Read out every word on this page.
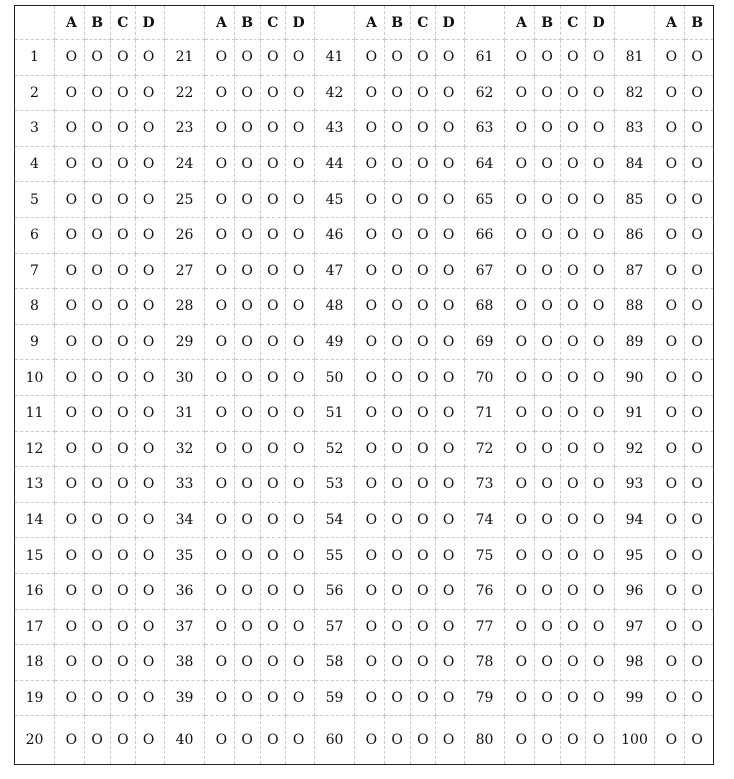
	A	B	C	D		A	B	C	D		A	B	C	D		A	B	C	D		A	B
1	O	O	O	O	21	O	O	O	O	41	O	O	O	O	61	O	O	O	O	81	O	O
2	O	O	O	O	22	O	O	O	O	42	O	O	O	O	62	O	O	O	O	82	O	O
3	O	O	O	O	23	O	O	O	O	43	O	O	O	O	63	O	O	O	O	83	O	O
4	O	O	O	O	24	O	O	O	O	44	O	O	O	O	64	O	O	O	O	84	O	O
5	O	O	O	O	25	O	O	O	O	45	O	O	O	O	65	O	O	O	O	85	O	O
6	O	O	O	O	26	O	O	O	O	46	O	O	O	O	66	O	O	O	O	86	O	O
7	O	O	O	O	27	O	O	O	O	47	O	O	O	O	67	O	O	O	O	87	O	O
8	O	O	O	O	28	O	O	O	O	48	O	O	O	O	68	O	O	O	O	88	O	O
9	O	O	O	O	29	O	O	O	O	49	O	O	O	O	69	O	O	O	O	89	O	O
10	O	O	O	O	30	O	O	O	O	50	O	O	O	O	70	O	O	O	O	90	O	O
11	O	O	O	O	31	O	O	O	O	51	O	O	O	O	71	O	O	O	O	91	O	O
12	O	O	O	O	32	O	O	O	O	52	O	O	O	O	72	O	O	O	O	92	O	O
13	O	O	O	O	33	O	O	O	O	53	O	O	O	O	73	O	O	O	O	93	O	O
14	O	O	O	O	34	O	O	O	O	54	O	O	O	O	74	O	O	O	O	94	O	O
15	O	O	O	O	35	O	O	O	O	55	O	O	O	O	75	O	O	O	O	95	O	O
16	O	O	O	O	36	O	O	O	O	56	O	O	O	O	76	O	O	O	O	96	O	O
17	O	O	O	O	37	O	O	O	O	57	O	O	O	O	77	O	O	O	O	97	O	O
18	O	O	O	O	38	O	O	O	O	58	O	O	O	O	78	O	O	O	O	98	O	O
19	O	O	O	O	39	O	O	O	O	59	O	O	O	O	79	O	O	O	O	99	O	O
20	O	O	O	O	40	O	O	O	O	60	O	O	O	O	80	O	O	O	O	100	O	O
